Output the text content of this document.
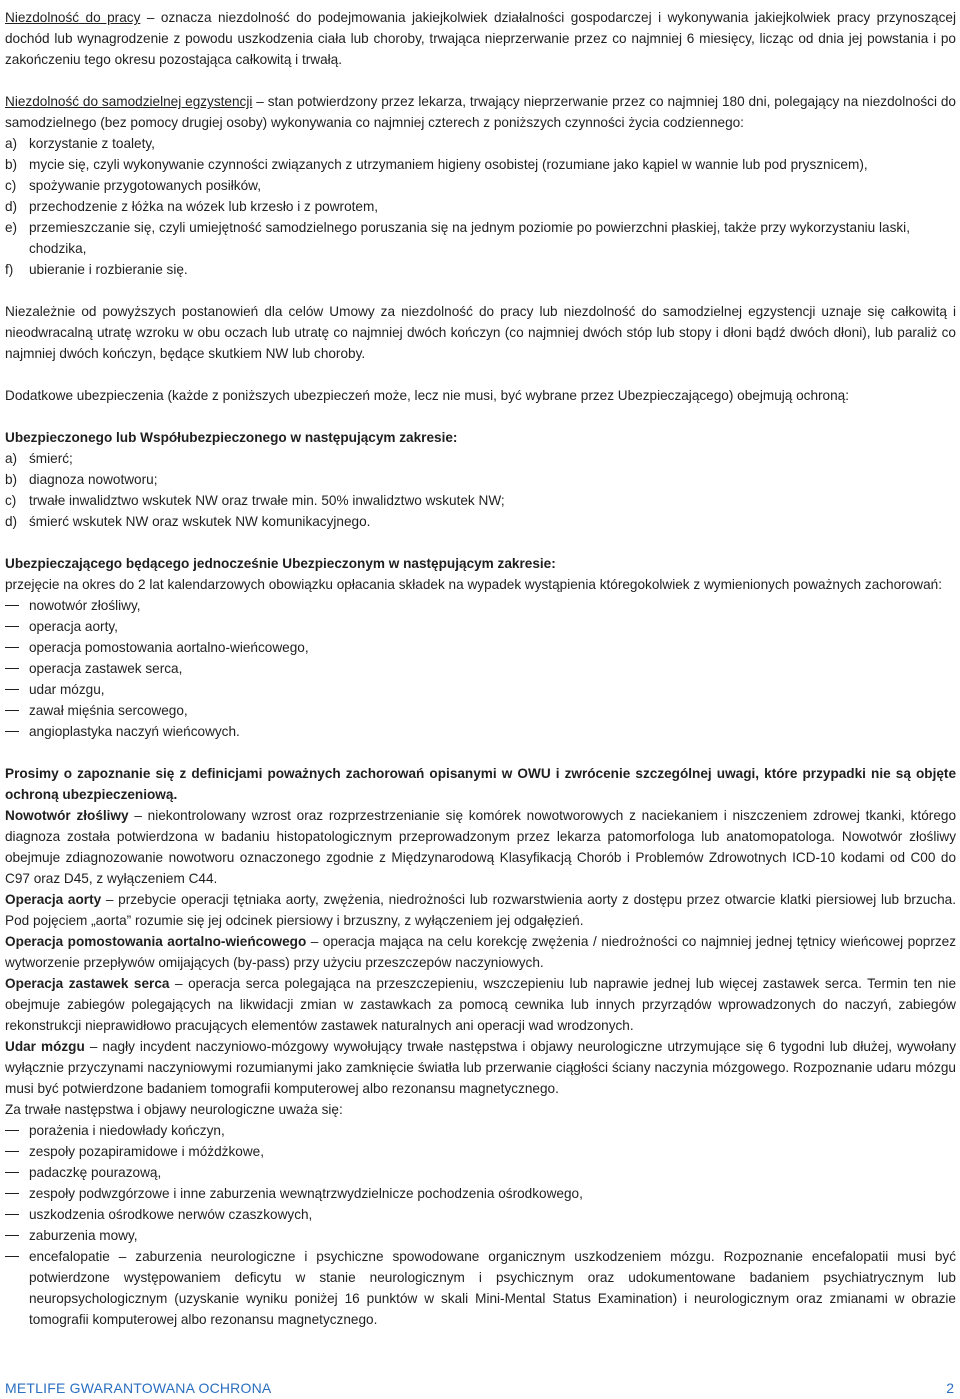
Niezdolność do pracy – oznacza niezdolność do podejmowania jakiejkolwiek działalności gospodarczej i wykonywania jakiejkolwiek pracy przynoszącej dochód lub wynagrodzenie z powodu uszkodzenia ciała lub choroby, trwająca nieprzerwanie przez co najmniej 6 miesięcy, licząc od dnia jej powstania i po zakończeniu tego okresu pozostająca całkowitą i trwałą.

Niezdolność do samodzielnej egzystencji – stan potwierdzony przez lekarza, trwający nieprzerwanie przez co najmniej 180 dni, polegający na niezdolności do samodzielnego (bez pomocy drugiej osoby) wykonywania co najmniej czterech z poniższych czynności życia codziennego:

a) korzystanie z toalety,
b) mycie się, czyli wykonywanie czynności związanych z utrzymaniem higieny osobistej (rozumiane jako kąpiel w wannie lub pod prysznicem),
c) spożywanie przygotowanych posiłków,
d) przechodzenie z łóżka na wózek lub krzesło i z powrotem,
e) przemieszczanie się, czyli umiejętność samodzielnego poruszania się na jednym poziomie po powierzchni płaskiej, także przy wykorzystaniu laski, chodzika,
f) ubieranie i rozbieranie się.

Niezależnie od powyższych postanowień dla celów Umowy za niezdolność do pracy lub niezdolność do samodzielnej egzystencji uznaje się całkowitą i nieodwracalną utratę wzroku w obu oczach lub utratę co najmniej dwóch kończyn (co najmniej dwóch stóp lub stopy i dłoni bądź dwóch dłoni), lub paraliż co najmniej dwóch kończyn, będące skutkiem NW lub choroby.

Dodatkowe ubezpieczenia (każde z poniższych ubezpieczeń może, lecz nie musi, być wybrane przez Ubezpieczającego) obejmują ochroną:

Ubezpieczonego lub Współubezpieczonego w następującym zakresie:

a) śmierć;
b) diagnoza nowotworu;
c) trwałe inwalidztwo wskutek NW oraz trwałe min. 50% inwalidztwo wskutek NW;
d) śmierć wskutek NW oraz wskutek NW komunikacyjnego.

Ubezpieczającego będącego jednocześnie Ubezpieczonym w następującym zakresie:

przejęcie na okres do 2 lat kalendarzowych obowiązku opłacania składek na wypadek wystąpienia któregokolwiek z wymienionych poważnych zachorowań:

nowotwór złośliwy,
operacja aorty,
operacja pomostowania aortalno-wieńcowego,
operacja zastawek serca,
udar mózgu,
zawał mięśnia sercowego,
angioplastyka naczyń wieńcowych.

Prosimy o zapoznanie się z definicjami poważnych zachorowań opisanymi w OWU i zwrócenie szczególnej uwagi, które przypadki nie są objęte ochroną ubezpieczeniową.

Nowotwór złośliwy – niekontrolowany wzrost oraz rozprzestrzenianie się komórek nowotworowych z naciekaniem i niszczeniem zdrowej tkanki, którego diagnoza została potwierdzona w badaniu histopatologicznym przeprowadzonym przez lekarza patomorfologa lub anatomopatologa. Nowotwór złośliwy obejmuje zdiagnozowanie nowotworu oznaczonego zgodnie z Międzynarodową Klasyfikacją Chorób i Problemów Zdrowotnych ICD-10 kodami od C00 do C97 oraz D45, z wyłączeniem C44.

Operacja aorty – przebycie operacji tętniaka aorty, zwężenia, niedrożności lub rozwarstwienia aorty z dostępu przez otwarcie klatki piersiowej lub brzucha. Pod pojęciem „aorta” rozumie się jej odcinek piersiowy i brzuszny, z wyłączeniem jej odgałęzień.

Operacja pomostowania aortalno-wieńcowego – operacja mająca na celu korekcję zwężenia / niedrożności co najmniej jednej tętnicy wieńcowej poprzez wytworzenie przepływów omijających (by-pass) przy użyciu przeszczepów naczyniowych.

Operacja zastawek serca – operacja serca polegająca na przeszczepieniu, wszczepieniu lub naprawie jednej lub więcej zastawek serca. Termin ten nie obejmuje zabiegów polegających na likwidacji zmian w zastawkach za pomocą cewnika lub innych przyrządów wprowadzonych do naczyń, zabiegów rekonstrukcji nieprawidłowo pracujących elementów zastawek naturalnych ani operacji wad wrodzonych.

Udar mózgu – nagły incydent naczyniowo-mózgowy wywołujący trwałe następstwa i objawy neurologiczne utrzymujące się 6 tygodni lub dłużej, wywołany wyłącznie przyczynami naczyniowymi rozumianymi jako zamknięcie światła lub przerwanie ciągłości ściany naczynia mózgowego. Rozpoznanie udaru mózgu musi być potwierdzone badaniem tomografii komputerowej albo rezonansu magnetycznego.

Za trwałe następstwa i objawy neurologiczne uważa się:

porażenia i niedowłady kończyn,
zespoły pozapiramidowe i móżdżkowe,
padaczkę pourazową,
zespoły podwzgórzowe i inne zaburzenia wewnątrzwydzielnicze pochodzenia ośrodkowego,
uszkodzenia ośrodkowe nerwów czaszkowych,
zaburzenia mowy,
encefalopatie – zaburzenia neurologiczne i psychiczne spowodowane organicznym uszkodzeniem mózgu. Rozpoznanie encefalopatii musi być potwierdzone występowaniem deficytu w stanie neurologicznym i psychicznym oraz udokumentowane badaniem psychiatrycznym lub neuropsychologicznym (uzyskanie wyniku poniżej 16 punktów w skali Mini-Mental Status Examination) i neurologicznym oraz zmianami w obrazie tomografii komputerowej albo rezonansu magnetycznego.
METLIFE GWARANTOWANA OCHRONA	2
